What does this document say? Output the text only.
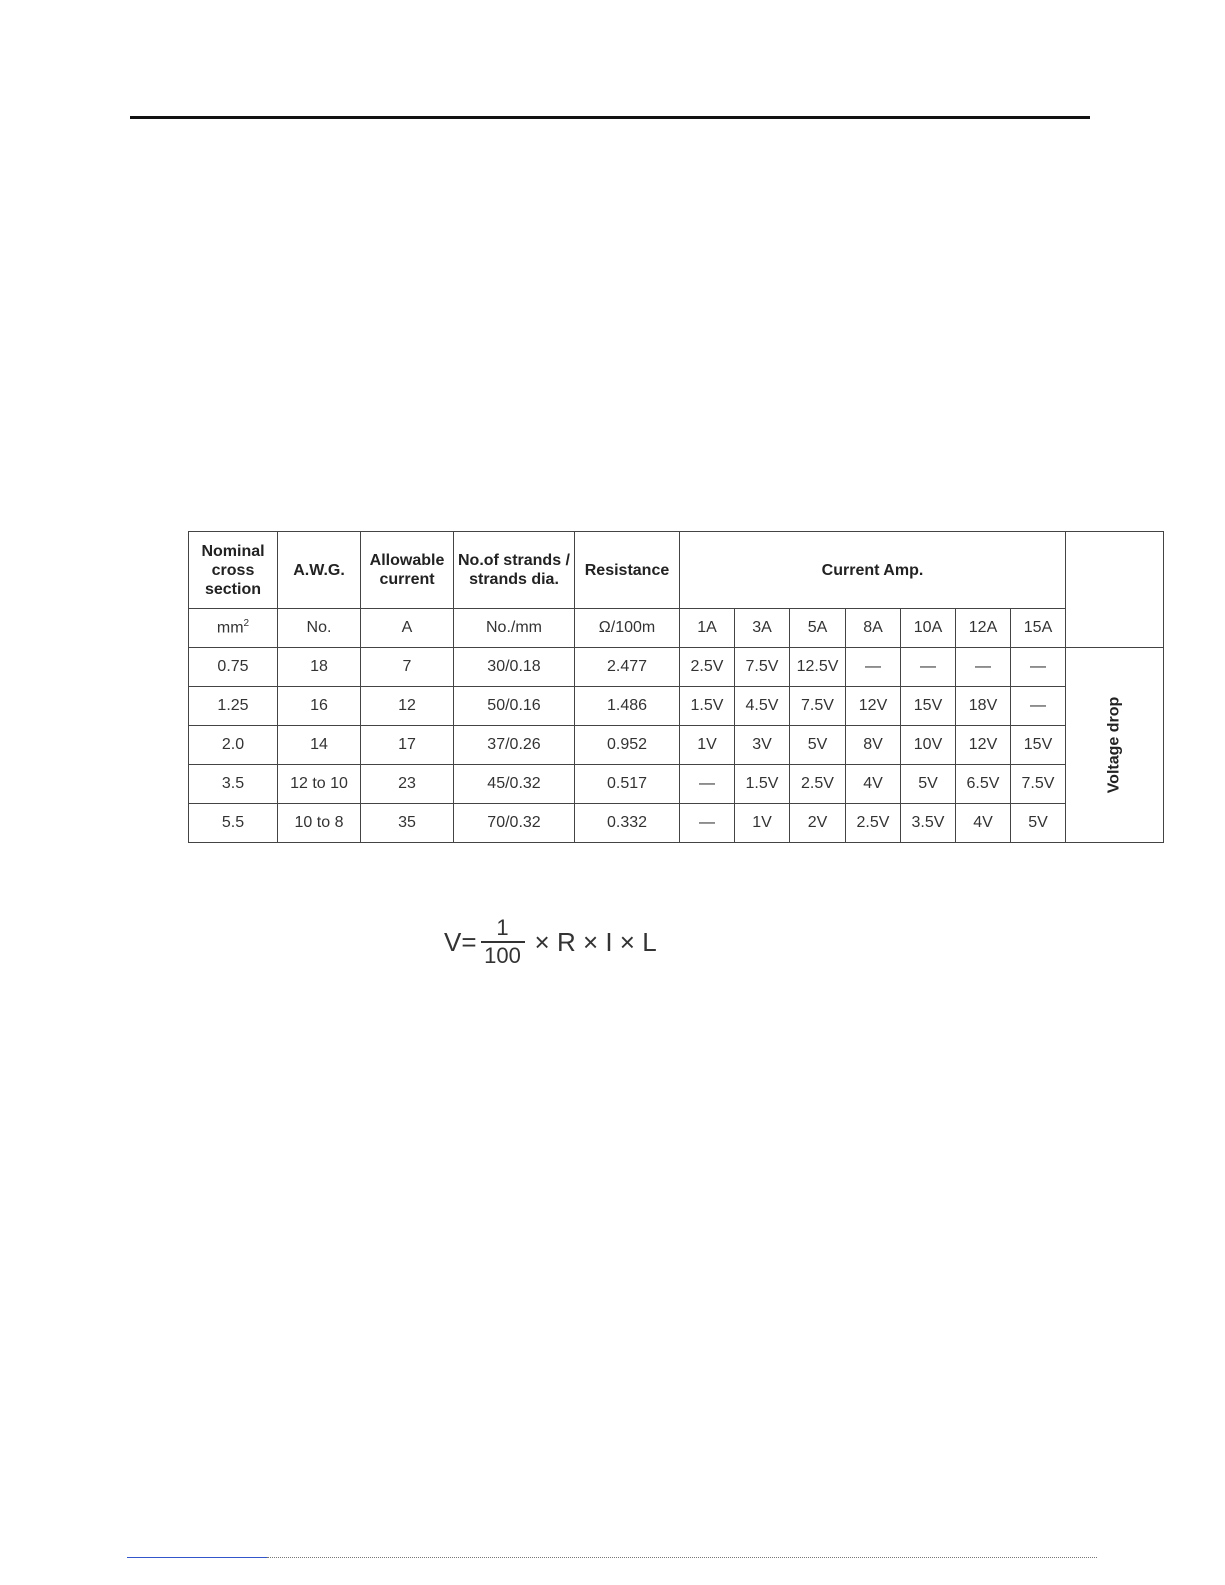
Nominal cross section	A.W.G.	Allowable current	No.of strands / strands dia.	Resistance	Current Amp.							
$mm^2$	No.	A	No./mm	Ω/100m	1A	3A	5A	8A	10A	12A	15A	
0.75	18	7	30/0.18	2.477	2.5V	7.5V	12.5V	—	—	—	—	Voltage drop
1.25	16	12	50/0.16	1.486	1.5V	4.5V	7.5V	12V	15V	18V	—	
2.0	14	17	37/0.26	0.952	1V	3V	5V	8V	10V	12V	15V	
3.5	12 to 10	23	45/0.32	0.517	—	1.5V	2.5V	4V	5V	6.5V	7.5V	
5.5	10 to 8	35	70/0.32	0.332	—	1V	2V	2.5V	3.5V	4V	5V	
$V= \frac{1}{100} \times R \times I \times L$
